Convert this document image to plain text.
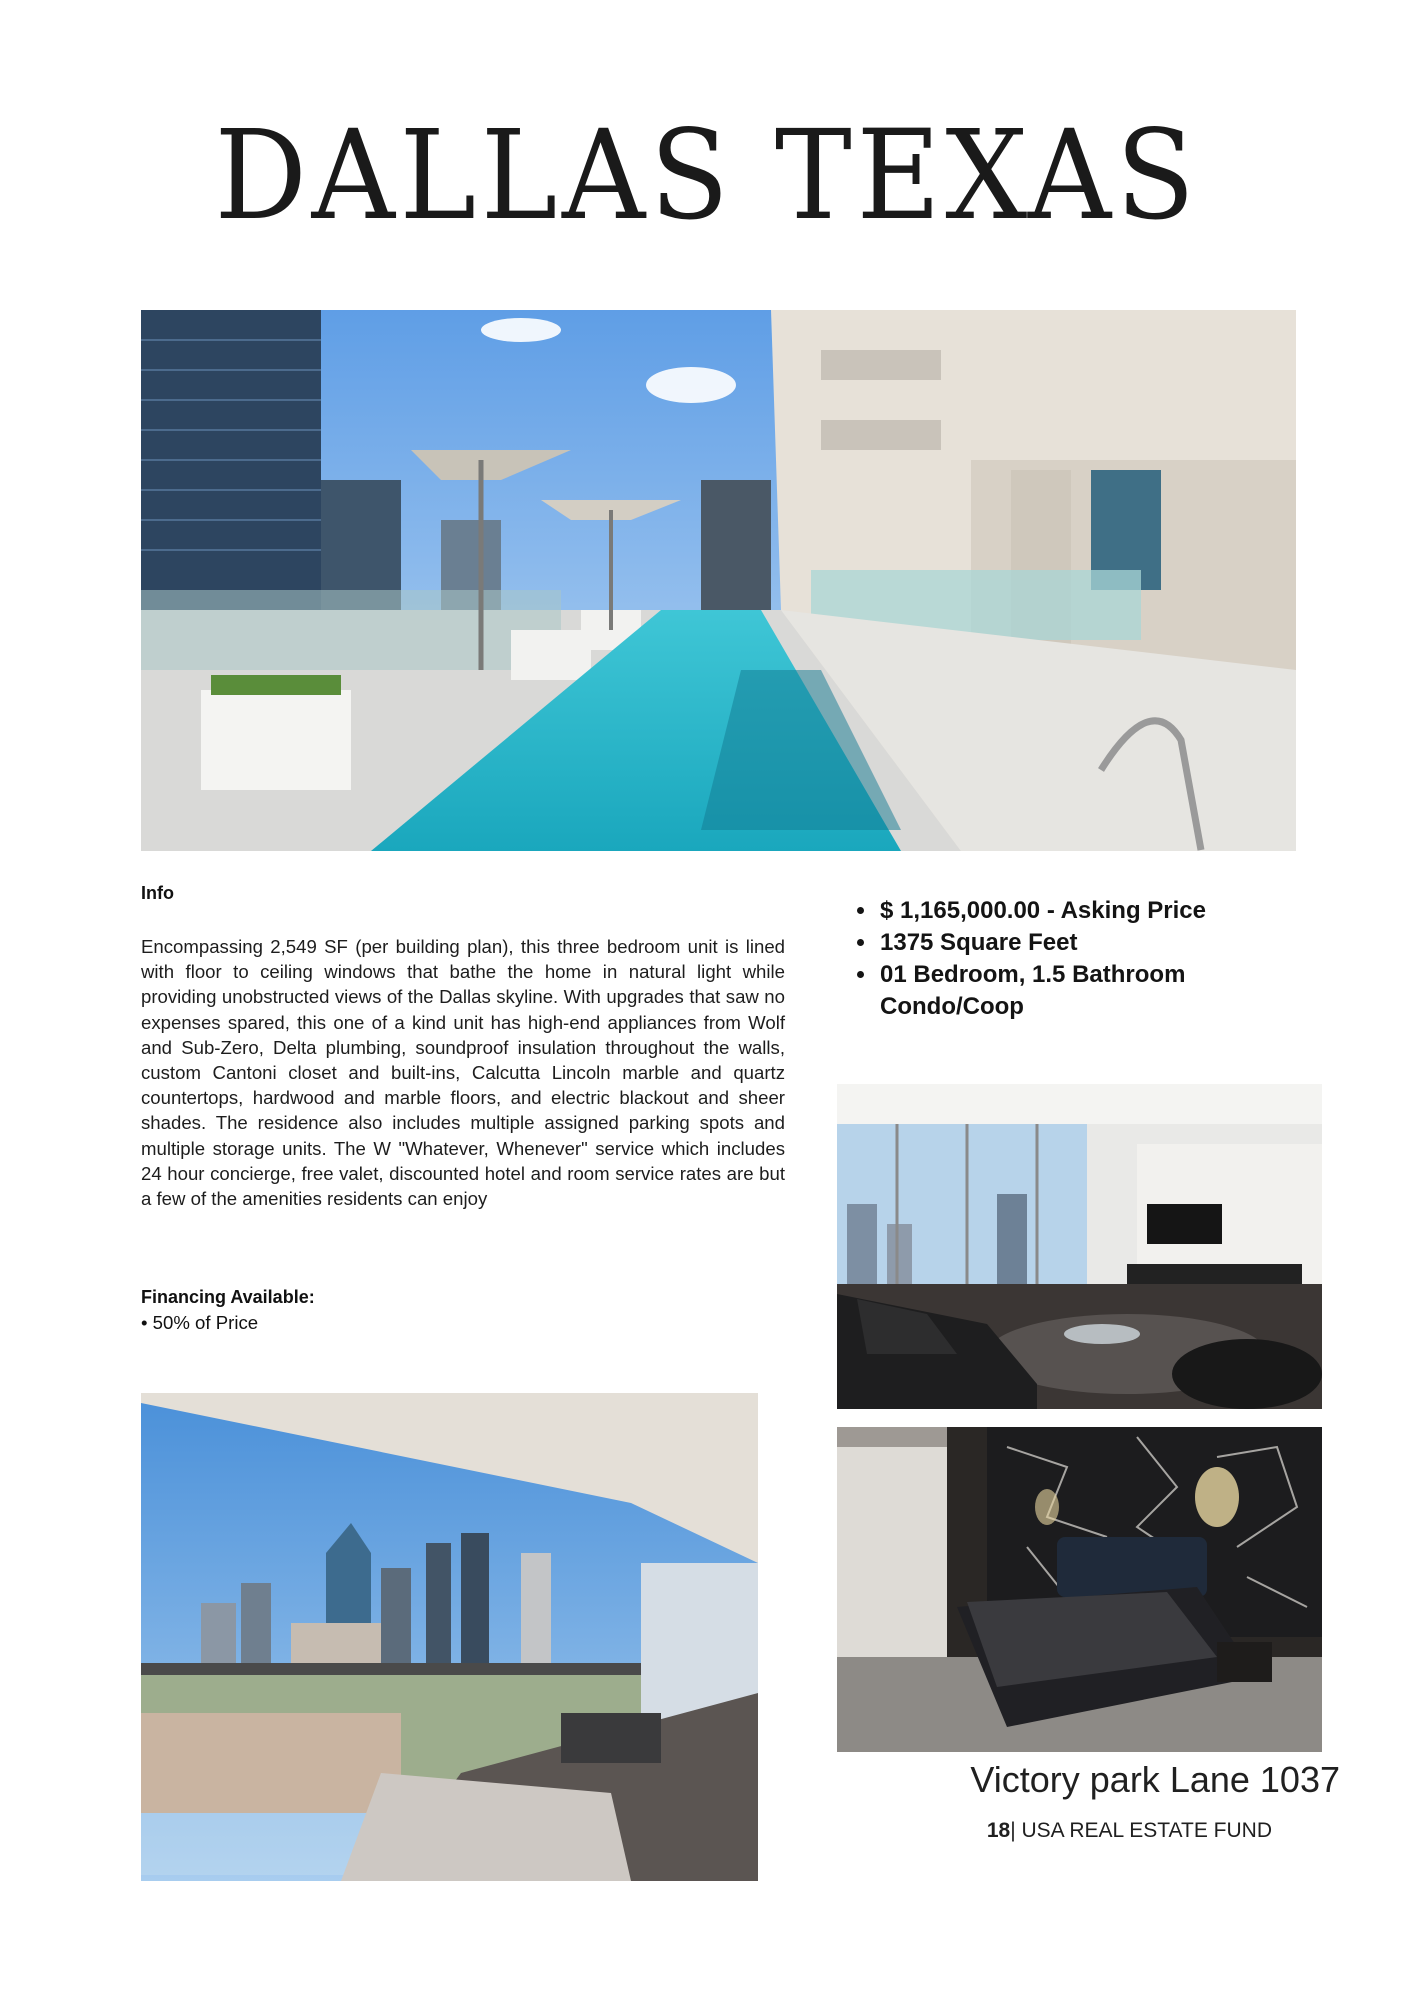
DALLAS TEXAS
Info
Encompassing 2,549 SF (per building plan), this three bedroom unit is lined with floor to ceiling windows that bathe the home in natural light while providing unobstructed views of the Dallas skyline. With upgrades that saw no expenses spared, this one of a kind unit has high-end appliances from Wolf and Sub-Zero, Delta plumbing, soundproof insulation throughout the walls, custom Cantoni closet and built-ins, Calcutta Lincoln marble and quartz countertops, hardwood and marble floors, and electric blackout and sheer shades. The residence also includes multiple assigned parking spots and multiple storage units. The W "Whatever, Whenever" service which includes 24 hour concierge, free valet, discounted hotel and room service rates are but a few of the amenities residents can enjoy
Financing Available:
• 50% of Price
• $ 1,165,000.00 - Asking Price
• 1375 Square Feet
• 01 Bedroom, 1.5 Bathroom Condo/Coop
Victory park Lane 1037
18| USA REAL ESTATE FUND
